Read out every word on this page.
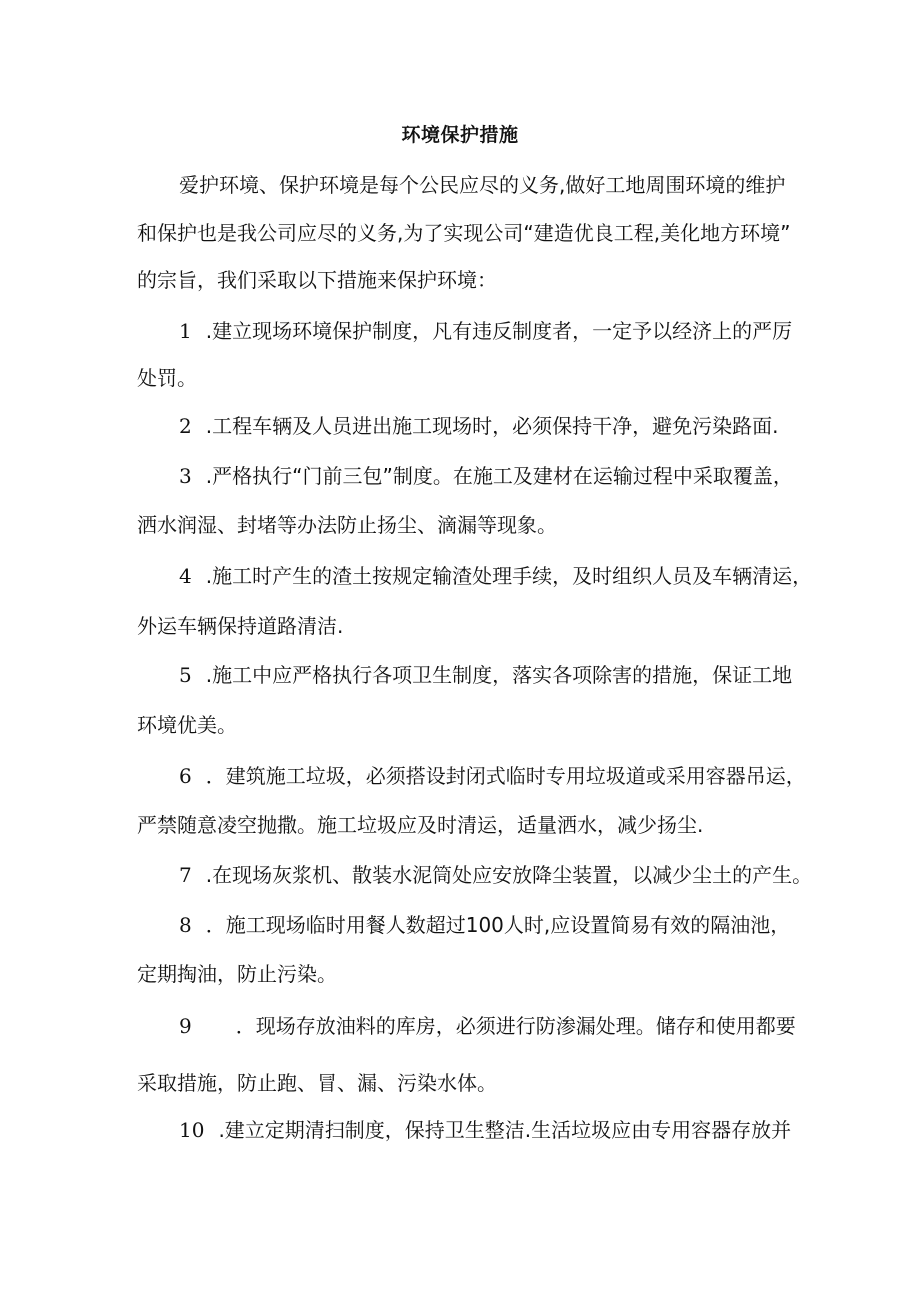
环境保护措施
爱护环境、保护环境是每个公民应尽的义务,做好工地周围环境的维护
和保护也是我公司应尽的义务,为了实现公司“建造优良工程,美化地方环境”
的宗旨，我们采取以下措施来保护环境：
1 .建立现场环境保护制度，凡有违反制度者，一定予以经济上的严厉
处罚。
2 .工程车辆及人员进出施工现场时，必须保持干净，避免污染路面.
3 .严格执行“门前三包”制度。在施工及建材在运输过程中采取覆盖，
洒水润湿、封堵等办法防止扬尘、滴漏等现象。
4 .施工时产生的渣土按规定输渣处理手续，及时组织人员及车辆清运，
外运车辆保持道路清洁.
5 .施工中应严格执行各项卫生制度，落实各项除害的措施，保证工地
环境优美。
6 ．建筑施工垃圾，必须搭设封闭式临时专用垃圾道或采用容器吊运，
严禁随意凌空抛撒。施工垃圾应及时清运，适量洒水，减少扬尘.
7 .在现场灰浆机、散装水泥筒处应安放降尘装置，以减少尘土的产生。
8 ．施工现场临时用餐人数超过100人时,应设置简易有效的隔油池，
定期掏油，防止污染。
9 ．现场存放油料的库房，必须进行防渗漏处理。储存和使用都要
采取措施，防止跑、冒、漏、污染水体。
10 .建立定期清扫制度，保持卫生整洁.生活垃圾应由专用容器存放并
